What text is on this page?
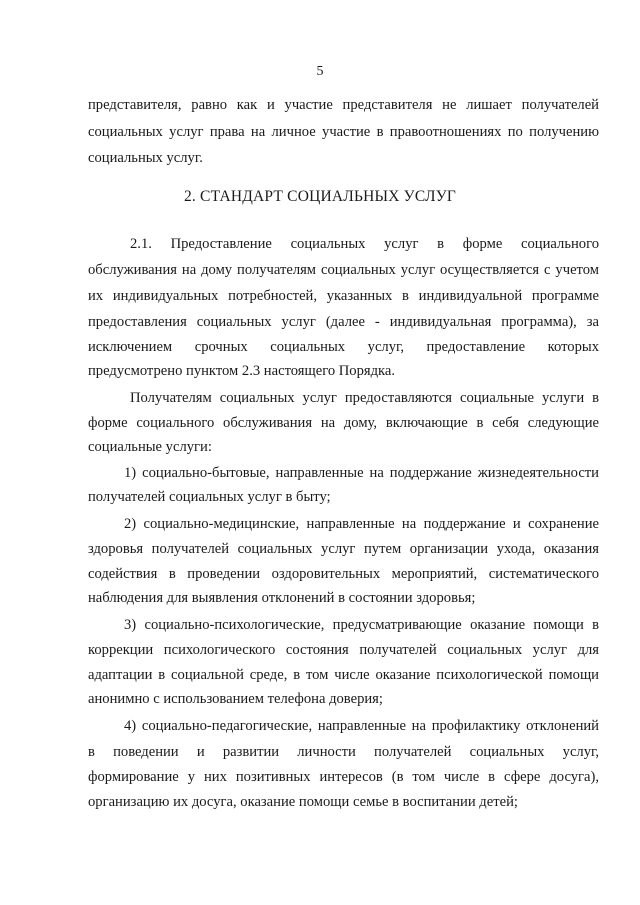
5
представителя, равно как и участие представителя не лишает получателей
социальных услуг права на личное участие в правоотношениях по получению
социальных услуг.
2. СТАНДАРТ СОЦИАЛЬНЫХ УСЛУГ
2.1. Предоставление социальных услуг в форме социального
обслуживания на дому получателям социальных услуг осуществляется с учетом
их индивидуальных потребностей, указанных в индивидуальной программе
предоставления социальных услуг (далее - индивидуальная программа), за
исключением срочных социальных услуг, предоставление которых
предусмотрено пунктом 2.3 настоящего Порядка.
Получателям социальных услуг предоставляются социальные услуги в
форме социального обслуживания на дому, включающие в себя следующие
социальные услуги:
1) социально-бытовые, направленные на поддержание жизнедеятельности
получателей социальных услуг в быту;
2) социально-медицинские, направленные на поддержание и сохранение
здоровья получателей социальных услуг путем организации ухода, оказания
содействия в проведении оздоровительных мероприятий, систематического
наблюдения для выявления отклонений в состоянии здоровья;
3) социально-психологические, предусматривающие оказание помощи в
коррекции психологического состояния получателей социальных услуг для
адаптации в социальной среде, в том числе оказание психологической помощи
анонимно с использованием телефона доверия;
4) социально-педагогические, направленные на профилактику отклонений
в поведении и развитии личности получателей социальных услуг,
формирование у них позитивных интересов (в том числе в сфере досуга),
организацию их досуга, оказание помощи семье в воспитании детей;
